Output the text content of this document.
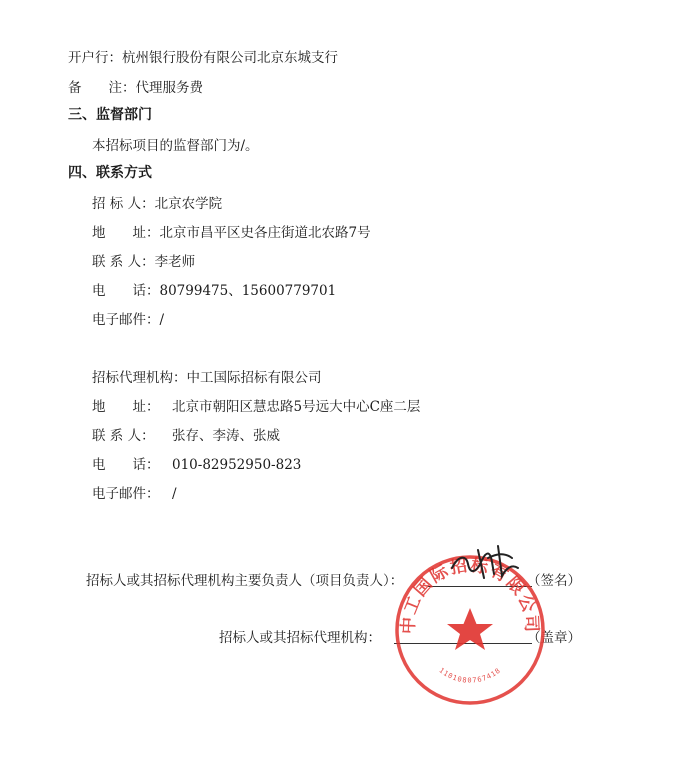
开户行：杭州银行股份有限公司北京东城支行
备　　注：代理服务费
三、监督部门
本招标项目的监督部门为/。
四、联系方式
招 标 人：北京农学院
地　　址：北京市昌平区史各庄街道北农路7号
联 系 人：李老师
电　　话：80799475、15600779701
电子邮件：/
招标代理机构：中工国际招标有限公司
地　　址： 北京市朝阳区慧忠路5号远大中心C座二层
联 系 人： 张存、李涛、张威
电　　话： 010-82952950-823
电子邮件： /
招标人或其招标代理机构主要负责人（项目负责人）：	（签名）
招标人或其招标代理机构：	（盖章）
中工国际招标有限公司
1101080767418
